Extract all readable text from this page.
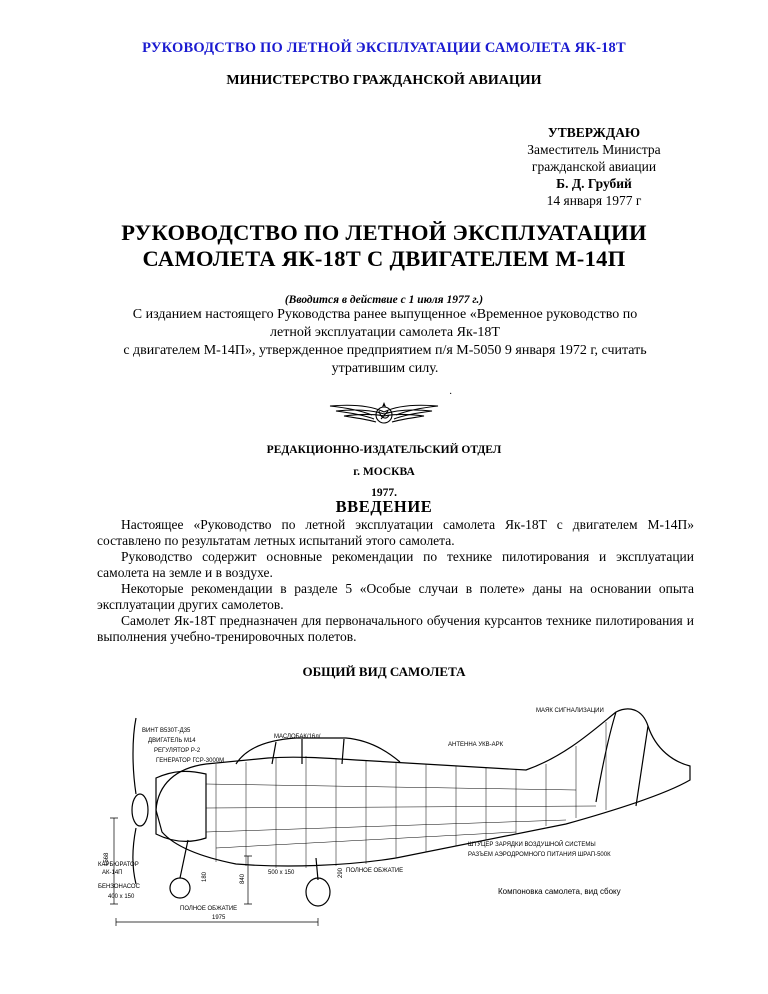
РУКОВОДСТВО ПО ЛЕТНОЙ ЭКСПЛУАТАЦИИ САМОЛЕТА ЯК-18Т
МИНИСТЕРСТВО ГРАЖДАНСКОЙ АВИАЦИИ
УТВЕРЖДАЮ
Заместитель Министра
гражданской авиации
Б. Д. Грубий
14 января 1977 г
РУКОВОДСТВО ПО ЛЕТНОЙ ЭКСПЛУАТАЦИИ
САМОЛЕТА ЯК-18Т С ДВИГАТЕЛЕМ М-14П
(Вводится в действие с 1 июля 1977 г.)
С изданием настоящего Руководства ранее выпущенное «Временное руководство по
летной эксплуатации самолета Як-18Т
с двигателем М-14П», утвержденное предприятием п/я М-5050 9 января 1972 г, считать
утратившим силу.
·
РЕДАКЦИОННО-ИЗДАТЕЛЬСКИЙ ОТДЕЛ
г. МОСКВА
1977.
ВВЕДЕНИЕ

Настоящее «Руководство по летной эксплуатации самолета Як-18Т с двигателем М-14П» составлено по результатам летных испытаний этого самолета.

Руководство содержит основные рекомендации по технике пилотирования и эксплуатации самолета на земле и в воздухе.

Некоторые рекомендации в разделе 5 «Особые случаи в полете» даны на основании опыта эксплуатации других самолетов.

Самолет Як-18Т предназначен для первоначального обучения курсантов технике пилотирования и выполнения учебно-тренировочных полетов.

ОБЩИЙ ВИД САМОЛЕТА
1568
1975
840
180	290
ВИНТ В530Т-Д35
ДВИГАТЕЛЬ М14
РЕГУЛЯТОР Р-2
ГЕНЕРАТОР ГСР-3000М
МАСЛОБАК/16л/
АНТЕННА УКВ-АРК
МАЯК СИГНАЛИЗАЦИИ
КАРБЮРАТОР
АК-14П
БЕНЗОНАСОС
400 x 150
500 x 150
ПОЛНОЕ ОБЖАТИЕ
ПОЛНОЕ ОБЖАТИЕ
ШТУЦЕР ЗАРЯДКИ ВОЗДУШНОЙ СИСТЕМЫ
РАЗЪЕМ АЭРОДРОМНОГО ПИТАНИЯ ШРАП-500К
Компоновка самолета, вид сбоку
